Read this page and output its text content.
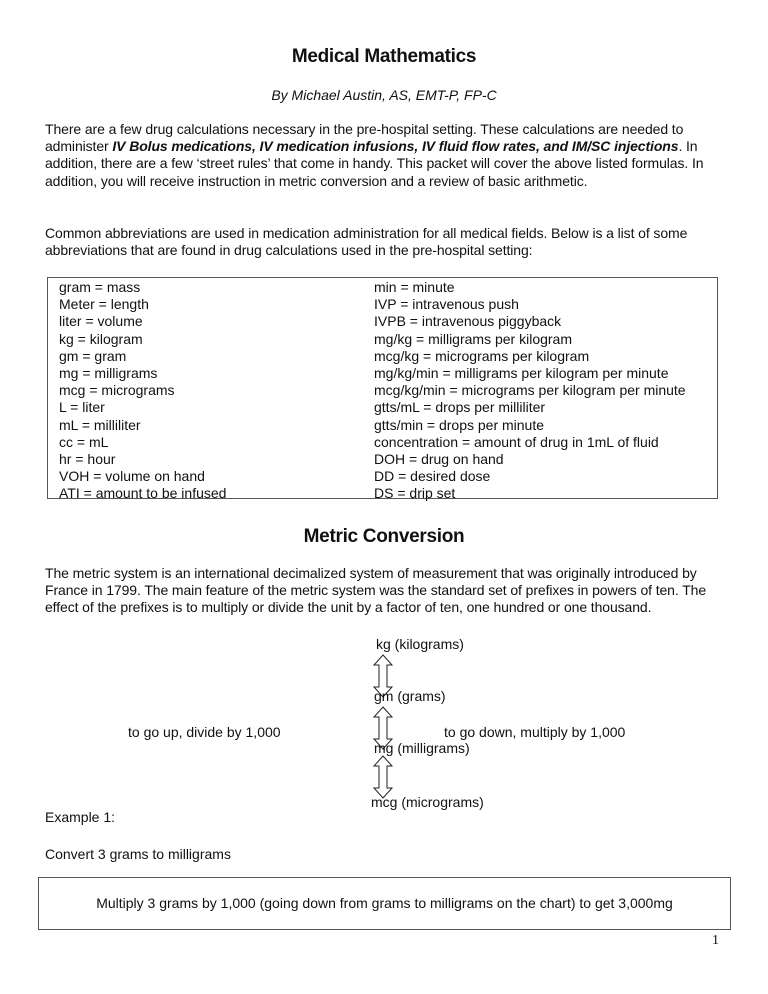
Medical Mathematics
By Michael Austin, AS, EMT-P, FP-C
There are a few drug calculations necessary in the pre-hospital setting. These calculations are needed to administer IV Bolus medications, IV medication infusions, IV fluid flow rates, and IM/SC injections. In addition, there are a few ‘street rules’ that come in handy. This packet will cover the above listed formulas. In addition, you will receive instruction in metric conversion and a review of basic arithmetic.
Common abbreviations are used in medication administration for all medical fields. Below is a list of some abbreviations that are found in drug calculations used in the pre-hospital setting:
gram = mass
Meter = length
liter = volume
kg = kilogram
gm = gram
mg = milligrams
mcg = micrograms
L = liter
mL = milliliter
cc = mL
hr = hour
VOH = volume on hand
ATI = amount to be infused
min = minute
IVP = intravenous push
IVPB = intravenous piggyback
mg/kg = milligrams per kilogram
mcg/kg = micrograms per kilogram
mg/kg/min = milligrams per kilogram per minute
mcg/kg/min = micrograms per kilogram per minute
gtts/mL = drops per milliliter
gtts/min = drops per minute
concentration = amount of drug in 1mL of fluid
DOH = drug on hand
DD = desired dose
DS = drip set
Metric Conversion
The metric system is an international decimalized system of measurement that was originally introduced by France in 1799. The main feature of the metric system was the standard set of prefixes in powers of ten. The effect of the prefixes is to multiply or divide the unit by a factor of ten, one hundred or one thousand.
kg (kilograms)
gm (grams)
to go up, divide by 1,000	to go down, multiply by 1,000
mg (milligrams)
mcg (micrograms)
Example 1:
Convert 3 grams to milligrams
Multiply 3 grams by 1,000 (going down from grams to milligrams on the chart) to get 3,000mg
1
